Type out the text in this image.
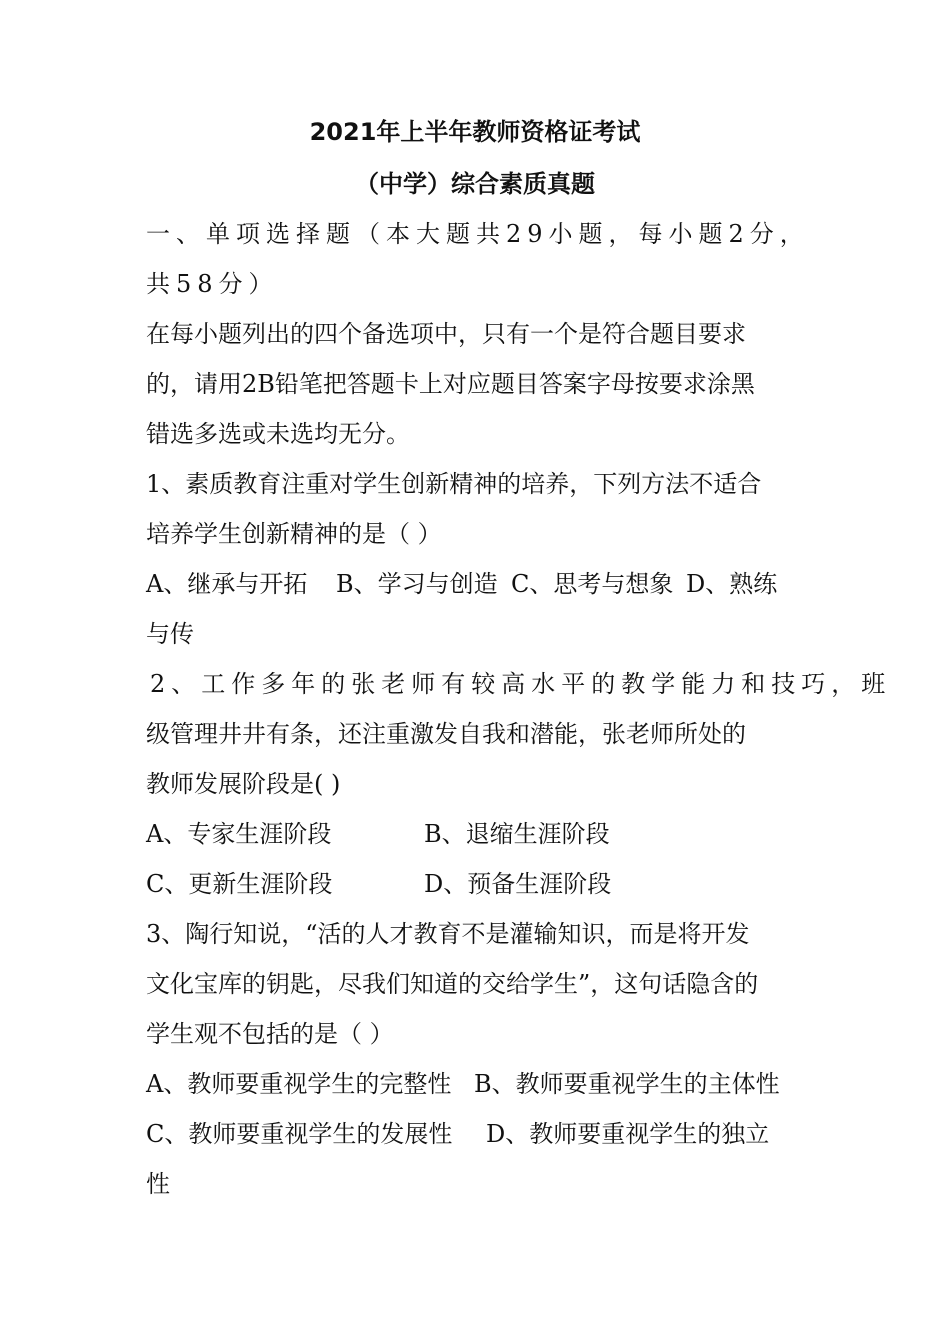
2021年上半年教师资格证考试
（中学）综合素质真题
一、单项选择题（本大题共29小题，每小题2分，
共58分）
在每小题列出的四个备选项中，只有一个是符合题目要求
的，请用2B铅笔把答题卡上对应题目答案字母按要求涂黑
错选多选或未选均无分。
1、素质教育注重对学生创新精神的培养，下列方法不适合
培养学生创新精神的是（ ）
A、继承与开拓 B、学习与创造 C、思考与想象 D、熟练
与传
2、工作多年的张老师有较高水平的教学能力和技巧，班
级管理井井有条，还注重激发自我和潜能，张老师所处的
教师发展阶段是( )
A、专家生涯阶段	B、退缩生涯阶段
C、更新生涯阶段	D、预备生涯阶段
3、陶行知说，“活的人才教育不是灌输知识，而是将开发
文化宝库的钥匙，尽我们知道的交给学生”，这句话隐含的
学生观不包括的是（ ）
A、教师要重视学生的完整性 B、教师要重视学生的主体性
C、教师要重视学生的发展性 D、教师要重视学生的独立
性
